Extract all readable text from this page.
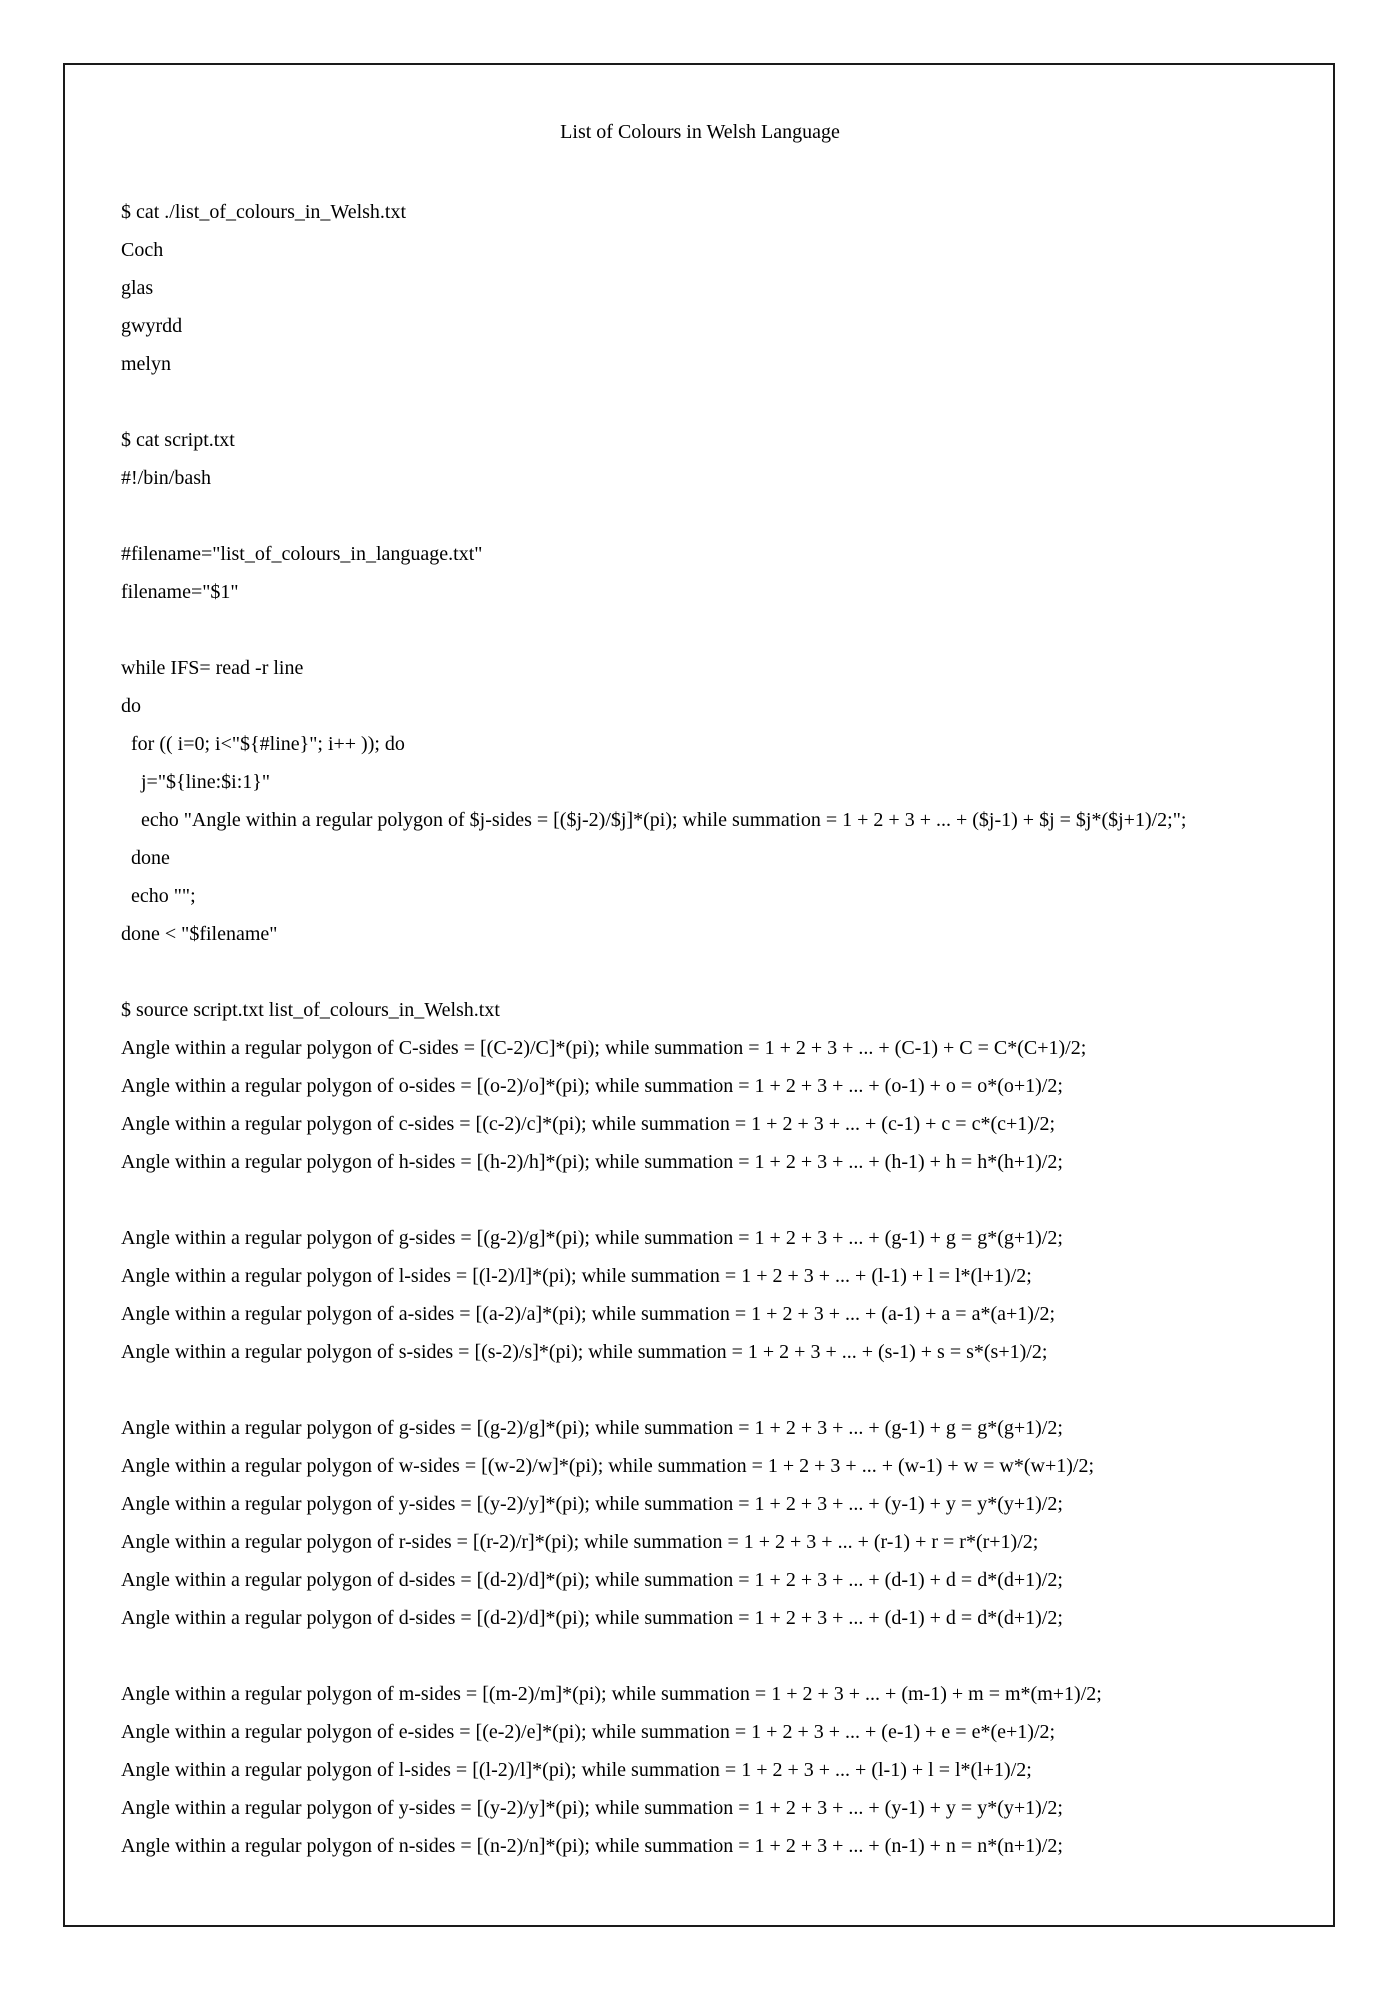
List of Colours in Welsh Language
$ cat ./list_of_colours_in_Welsh.txt
Coch
glas
gwyrdd
melyn
$ cat script.txt
#!/bin/bash
#filename="list_of_colours_in_language.txt"
filename="$1"
while IFS= read -r line
do
for (( i=0; i<"${#line}"; i++ )); do
j="${line:$i:1}"
echo "Angle within a regular polygon of $j-sides = [($j-2)/$j]*(pi); while summation = 1 + 2 + 3 + ... + ($j-1) + $j = $j*($j+1)/2;";
done
echo "";
done < "$filename"
$ source script.txt list_of_colours_in_Welsh.txt
Angle within a regular polygon of C-sides = [(C-2)/C]*(pi); while summation = 1 + 2 + 3 + ... + (C-1) + C = C*(C+1)/2;
Angle within a regular polygon of o-sides = [(o-2)/o]*(pi); while summation = 1 + 2 + 3 + ... + (o-1) + o = o*(o+1)/2;
Angle within a regular polygon of c-sides = [(c-2)/c]*(pi); while summation = 1 + 2 + 3 + ... + (c-1) + c = c*(c+1)/2;
Angle within a regular polygon of h-sides = [(h-2)/h]*(pi); while summation = 1 + 2 + 3 + ... + (h-1) + h = h*(h+1)/2;
Angle within a regular polygon of g-sides = [(g-2)/g]*(pi); while summation = 1 + 2 + 3 + ... + (g-1) + g = g*(g+1)/2;
Angle within a regular polygon of l-sides = [(l-2)/l]*(pi); while summation = 1 + 2 + 3 + ... + (l-1) + l = l*(l+1)/2;
Angle within a regular polygon of a-sides = [(a-2)/a]*(pi); while summation = 1 + 2 + 3 + ... + (a-1) + a = a*(a+1)/2;
Angle within a regular polygon of s-sides = [(s-2)/s]*(pi); while summation = 1 + 2 + 3 + ... + (s-1) + s = s*(s+1)/2;
Angle within a regular polygon of g-sides = [(g-2)/g]*(pi); while summation = 1 + 2 + 3 + ... + (g-1) + g = g*(g+1)/2;
Angle within a regular polygon of w-sides = [(w-2)/w]*(pi); while summation = 1 + 2 + 3 + ... + (w-1) + w = w*(w+1)/2;
Angle within a regular polygon of y-sides = [(y-2)/y]*(pi); while summation = 1 + 2 + 3 + ... + (y-1) + y = y*(y+1)/2;
Angle within a regular polygon of r-sides = [(r-2)/r]*(pi); while summation = 1 + 2 + 3 + ... + (r-1) + r = r*(r+1)/2;
Angle within a regular polygon of d-sides = [(d-2)/d]*(pi); while summation = 1 + 2 + 3 + ... + (d-1) + d = d*(d+1)/2;
Angle within a regular polygon of d-sides = [(d-2)/d]*(pi); while summation = 1 + 2 + 3 + ... + (d-1) + d = d*(d+1)/2;
Angle within a regular polygon of m-sides = [(m-2)/m]*(pi); while summation = 1 + 2 + 3 + ... + (m-1) + m = m*(m+1)/2;
Angle within a regular polygon of e-sides = [(e-2)/e]*(pi); while summation = 1 + 2 + 3 + ... + (e-1) + e = e*(e+1)/2;
Angle within a regular polygon of l-sides = [(l-2)/l]*(pi); while summation = 1 + 2 + 3 + ... + (l-1) + l = l*(l+1)/2;
Angle within a regular polygon of y-sides = [(y-2)/y]*(pi); while summation = 1 + 2 + 3 + ... + (y-1) + y = y*(y+1)/2;
Angle within a regular polygon of n-sides = [(n-2)/n]*(pi); while summation = 1 + 2 + 3 + ... + (n-1) + n = n*(n+1)/2;
